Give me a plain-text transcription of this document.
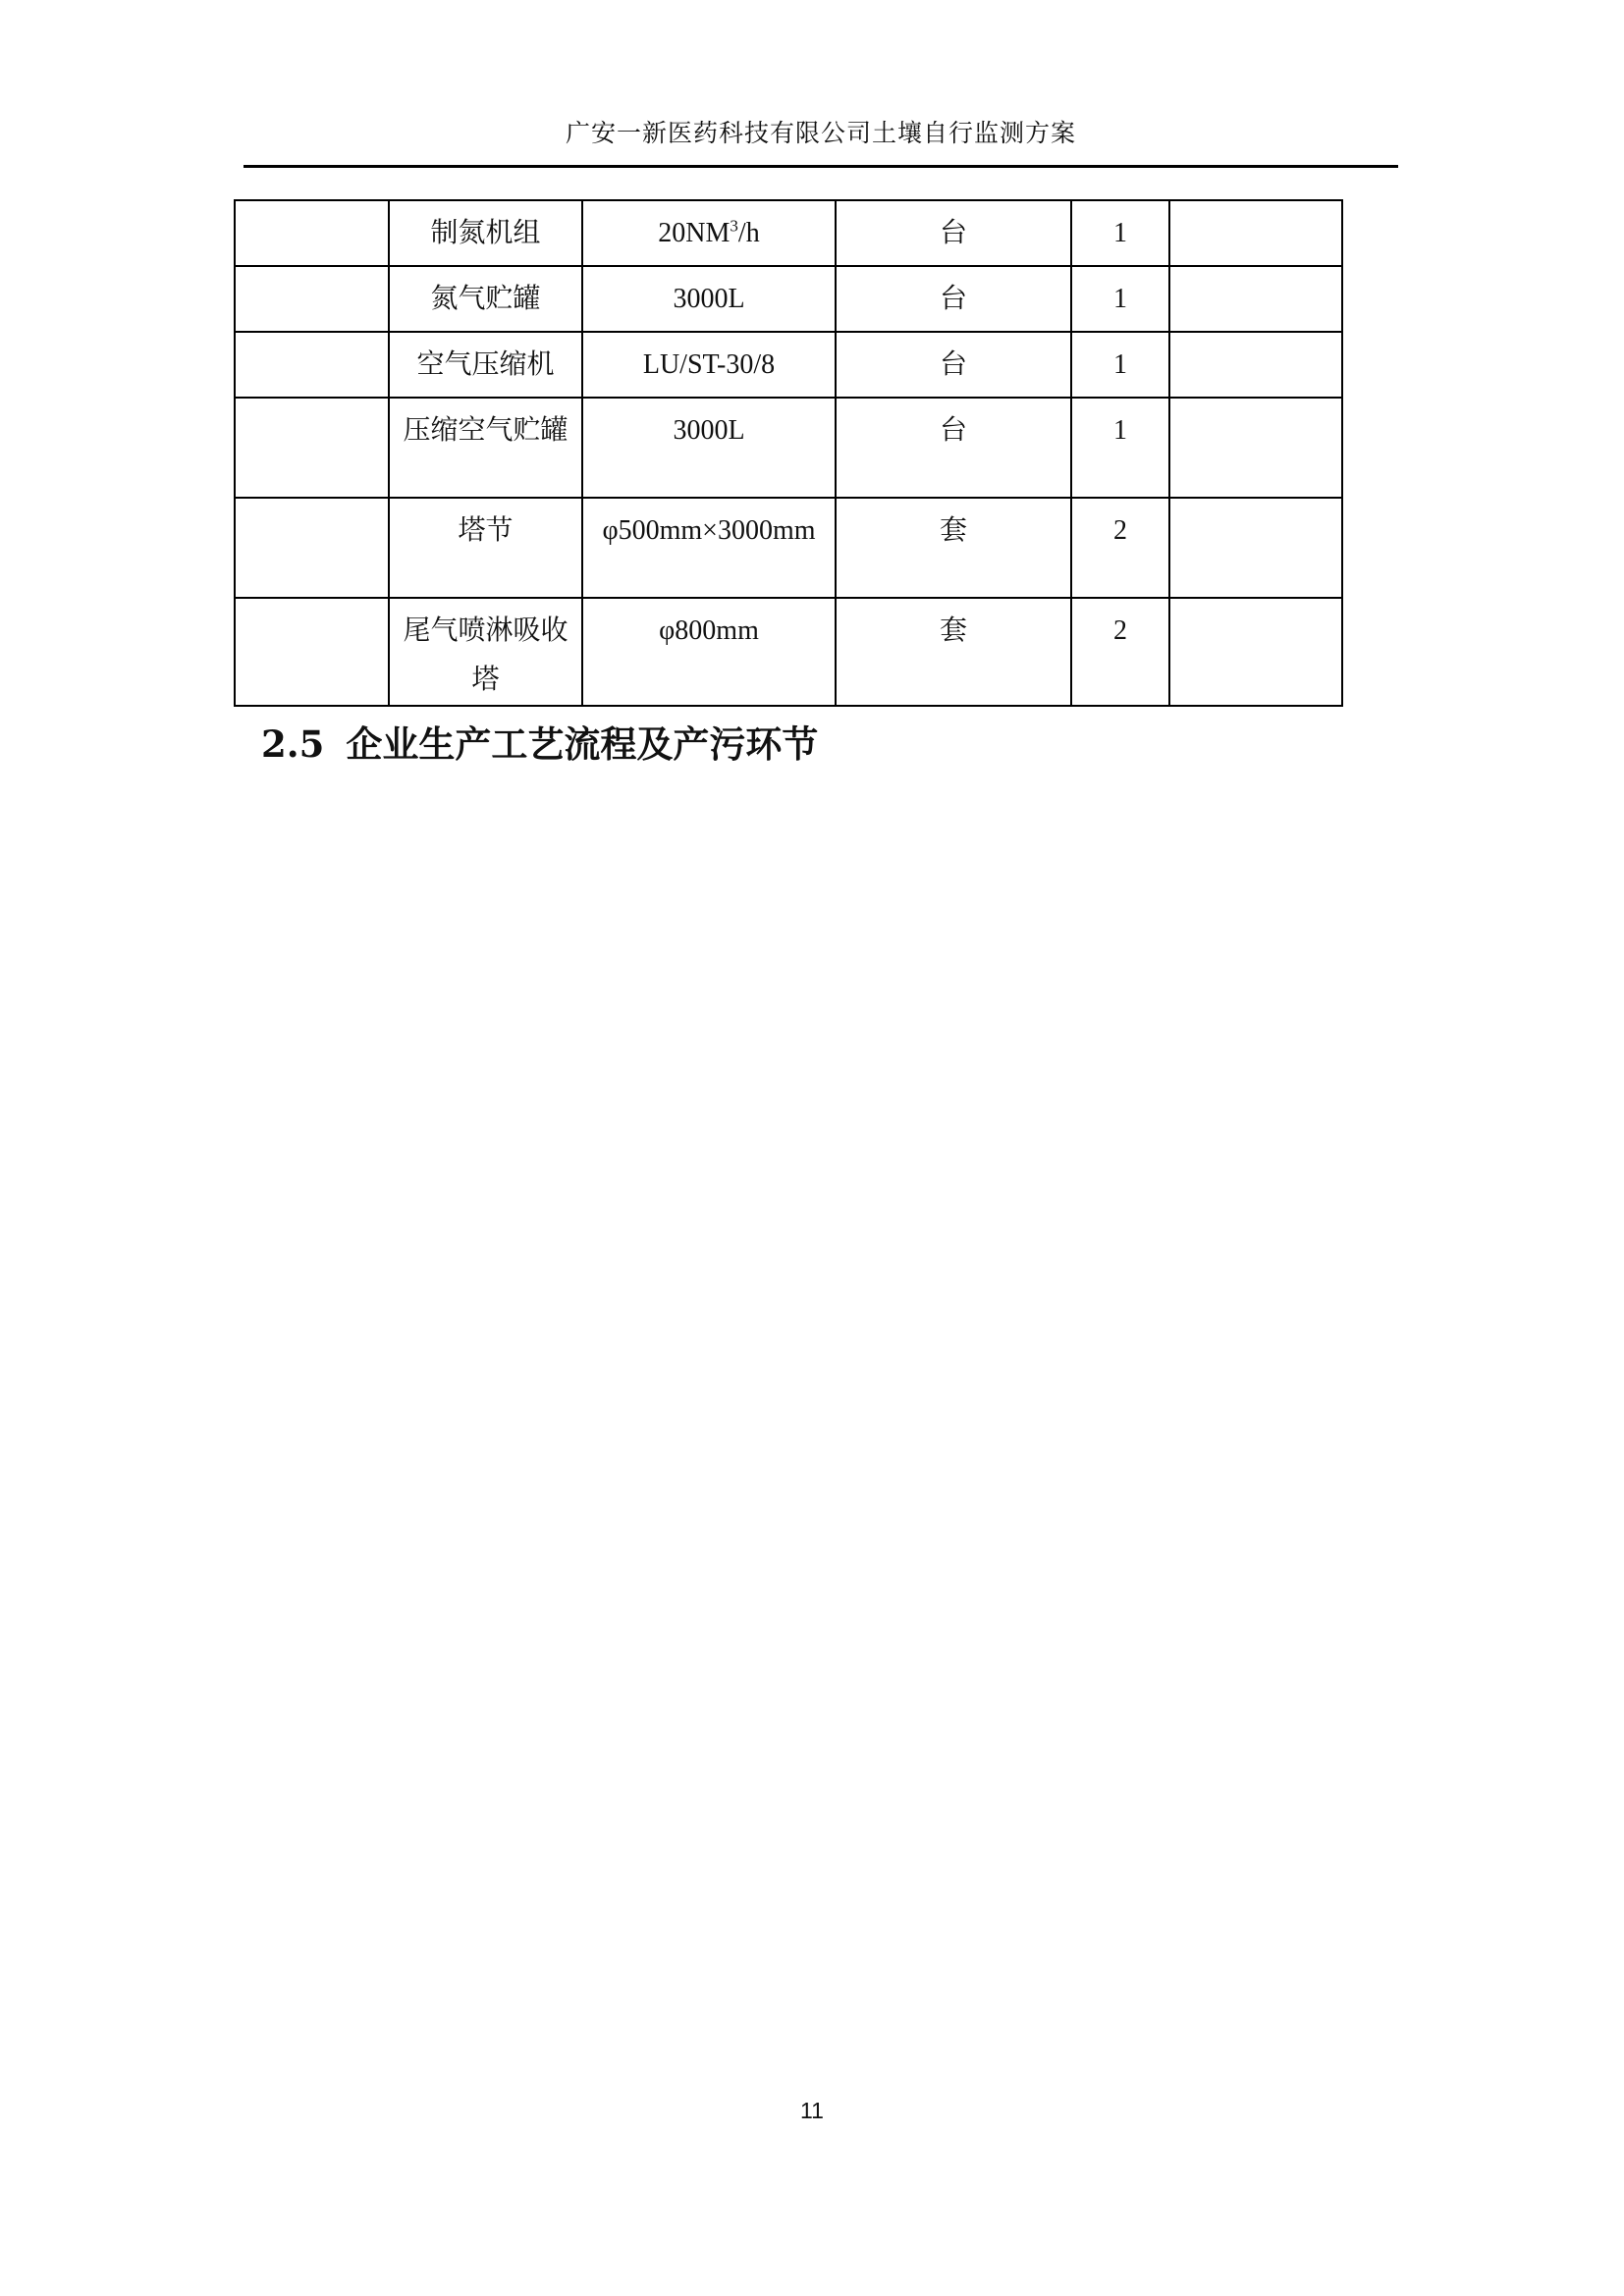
广安一新医药科技有限公司土壤自行监测方案
	制氮机组	$20NM^3/h$	台	1	
	氮气贮罐	3000L	台	1	
	空气压缩机	LU/ST-30/8	台	1	
	压缩空气贮罐	3000L	台	1	
	塔节	φ500mm×3000mm	套	2	
	尾气喷淋吸收塔	φ800mm	套	2	
2.5 企业生产工艺流程及产污环节
11
